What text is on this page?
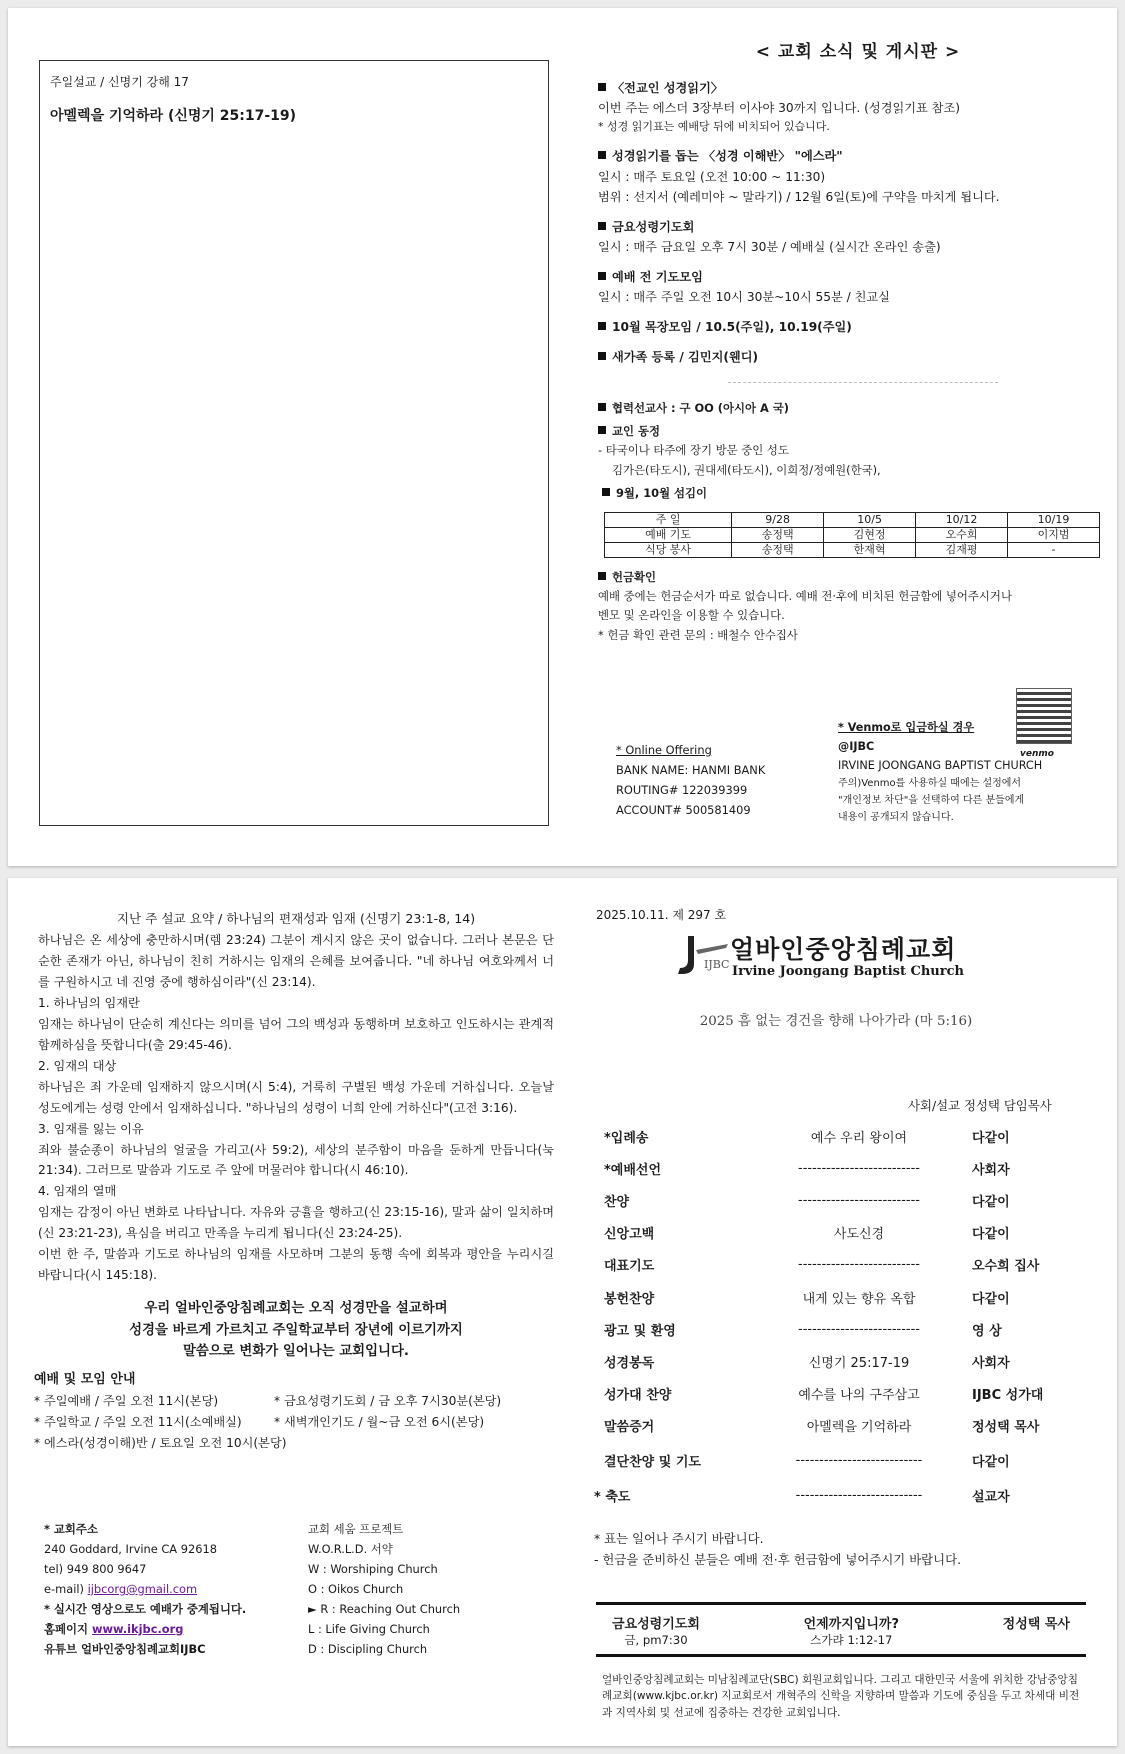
주일설교 / 신명기 강해 17
아멜렉을 기억하라 (신명기 25:17-19)
< 교회 소식 및 게시판 >
〈전교인 성경읽기〉
이번 주는 에스더 3장부터 이사야 30까지 입니다. (성경읽기표 참조)
* 성경 읽기표는 예배당 뒤에 비치되어 있습니다.
성경읽기를 돕는 〈성경 이해반〉 "에스라"
일시 : 매주 토요일 (오전 10:00 ~ 11:30)
범위 : 선지서 (예레미야 ~ 말라기) / 12월 6일(토)에 구약을 마치게 됩니다.
금요성령기도회
일시 : 매주 금요일 오후 7시 30분 / 예배실 (실시간 온라인 송출)
예배 전 기도모임
일시 : 매주 주일 오전 10시 30분~10시 55분 / 친교실
10월 목장모임 / 10.5(주일), 10.19(주일)
새가족 등록 / 김민지(웬디)
협력선교사 : 구 OO (아시아 A 국)
교인 동정
- 타국이나 타주에 장기 방문 중인 성도
김가은(타도시), 권대세(타도시), 이희정/정예원(한국),
9월, 10월 섬김이
주 일	9/28	10/5	10/12	10/19
예배 기도	송정택	김현정	오수희	이지범
식당 봉사	송정택	한재혁	김재평	-
헌금확인
예배 중에는 헌금순서가 따로 없습니다. 예배 전·후에 비치된 헌금함에 넣어주시거나
벤모 및 온라인을 이용할 수 있습니다.
* 헌금 확인 관련 문의 : 배철수 안수집사
* Online Offering
BANK NAME: HANMI BANK
ROUTING# 122039399
ACCOUNT# 500581409
* Venmo로 입금하실 경우
@IJBC
IRVINE JOONGANG BAPTIST CHURCH
주의)Venmo를 사용하실 때에는 설정에서
"개인정보 차단"을 선택하여 다른 분들에게
내용이 공개되지 않습니다.
venmo
지난 주 설교 요약 / 하나님의 편재성과 임재 (신명기 23:1-8, 14)

하나님은 온 세상에 충만하시며(렘 23:24) 그분이 계시지 않은 곳이 없습니다. 그러나 본문은 단순한 존재가 아닌, 하나님이 친히 거하시는 임재의 은혜를 보여줍니다. "네 하나님 여호와께서 너를 구원하시고 네 진영 중에 행하심이라"(신 23:14).

1. 하나님의 임재란

임재는 하나님이 단순히 계신다는 의미를 넘어 그의 백성과 동행하며 보호하고 인도하시는 관계적 함께하심을 뜻합니다(출 29:45-46).

2. 임재의 대상

하나님은 죄 가운데 임재하지 않으시며(시 5:4), 거룩히 구별된 백성 가운데 거하십니다. 오늘날 성도에게는 성령 안에서 임재하십니다. "하나님의 성령이 너희 안에 거하신다"(고전 3:16).

3. 임재를 잃는 이유

죄와 불순종이 하나님의 얼굴을 가리고(사 59:2), 세상의 분주함이 마음을 둔하게 만듭니다(눅 21:34). 그러므로 말씀과 기도로 주 앞에 머물러야 합니다(시 46:10).

4. 임재의 열매

임재는 감정이 아닌 변화로 나타납니다. 자유와 긍휼을 행하고(신 23:15-16), 말과 삶이 일치하며(신 23:21-23), 욕심을 버리고 만족을 누리게 됩니다(신 23:24-25).

이번 한 주, 말씀과 기도로 하나님의 임재를 사모하며 그분의 동행 속에 회복과 평안을 누리시길 바랍니다(시 145:18).

우리 얼바인중앙침례교회는 오직 성경만을 설교하며
성경을 바르게 가르치고 주일학교부터 장년에 이르기까지
말씀으로 변화가 일어나는 교회입니다.
예배 및 모임 안내
* 주일예배 / 주일 오전 11시(본당)	* 금요성령기도회 / 금 오후 7시30분(본당)
* 주일학교 / 주일 오전 11시(소예배실)	* 새벽개인기도 / 월~금 오전 6시(본당)
* 에스라(성경이해)반 / 토요일 오전 10시(본당)
* 교회주소
240 Goddard, Irvine CA 92618
tel) 949 800 9647
e-mail) ijbcorg@gmail.com
* 실시간 영상으로도 예배가 중계됩니다.
홈페이지 www.ikjbc.org
유튜브 얼바인중앙침례교회IJBC
교회 세움 프로젝트
W.O.R.L.D. 서약
W : Worshiping Church
O : Oikos Church
► R : Reaching Out Church
L : Life Giving Church
D : Discipling Church
2025.10.11. 제 297 호
IJBC
얼바인중앙침례교회
Irvine Joongang Baptist Church
2025 흠 없는 경건을 향해 나아가라 (마 5:16)
사회/설교 정성택 담임목사
*입례송	예수 우리 왕이여	다같이
*예배선언	--------------------------	사회자
찬양	--------------------------	다같이
신앙고백	사도신경	다같이
대표기도	--------------------------	오수희 집사
봉헌찬양	내게 있는 향유 옥합	다같이
광고 및 환영	--------------------------	영 상
성경봉독	신명기 25:17-19	사회자
성가대 찬양	예수를 나의 구주삼고	IJBC 성가대
말씀증거	아멜렉을 기억하라	정성택 목사
결단찬양 및 기도	---------------------------	다같이
* 축도	---------------------------	설교자
* 표는 일어나 주시기 바랍니다.
- 헌금을 준비하신 분들은 예배 전·후 헌금함에 넣어주시기 바랍니다.
금요성령기도회
금, pm7:30
언제까지입니까?
스가랴 1:12-17
정성택 목사
얼바인중앙침례교회는 미남침례교단(SBC) 회원교회입니다. 그리고 대한민국 서울에 위치한 강남중앙침례교회(www.kjbc.or.kr) 지교회로서 개혁주의 신학을 지향하며 말씀과 기도에 중심을 두고 차세대 비전과 지역사회 및 선교에 집중하는 건강한 교회입니다.
